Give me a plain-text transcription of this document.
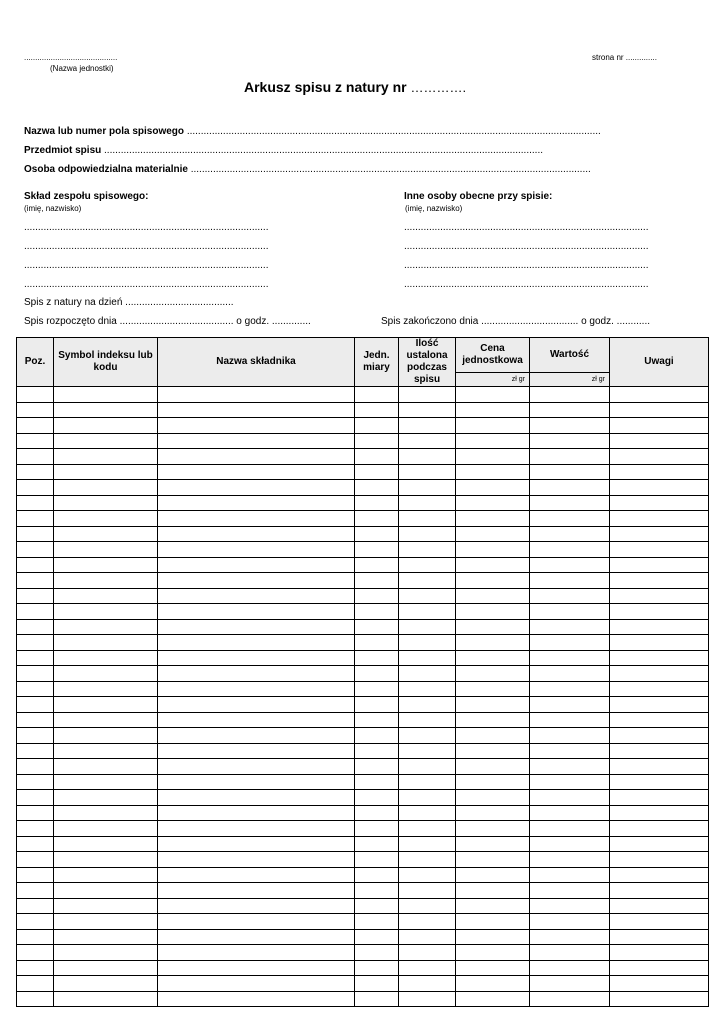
..........................................
(Nazwa jednostki)
strona nr ..............
Arkusz spisu z natury nr ………….
Nazwa lub numer pola spisowego .....................................................................................................................................................
Przedmiot spisu ..............................................................................................................................................................
Osoba odpowiedzialna materialnie ................................................................................................................................................
Skład zespołu spisowego:
(imię, nazwisko)
........................................................................................
........................................................................................
........................................................................................
........................................................................................
Inne osoby obecne przy spisie:
(imię, nazwisko)
........................................................................................
........................................................................................
........................................................................................
........................................................................................
Spis z natury na dzień .......................................
Spis rozpoczęto dnia ......................................... o godz. ..............	Spis zakończono dnia ................................... o godz. ............
Poz.	Symbol indeksu lub kodu	Nazwa składnika	Jedn. miary	Ilość ustalona podczas spisu	Cena jednostkowa	Wartość	Uwagi
					zł gr	zł gr	
